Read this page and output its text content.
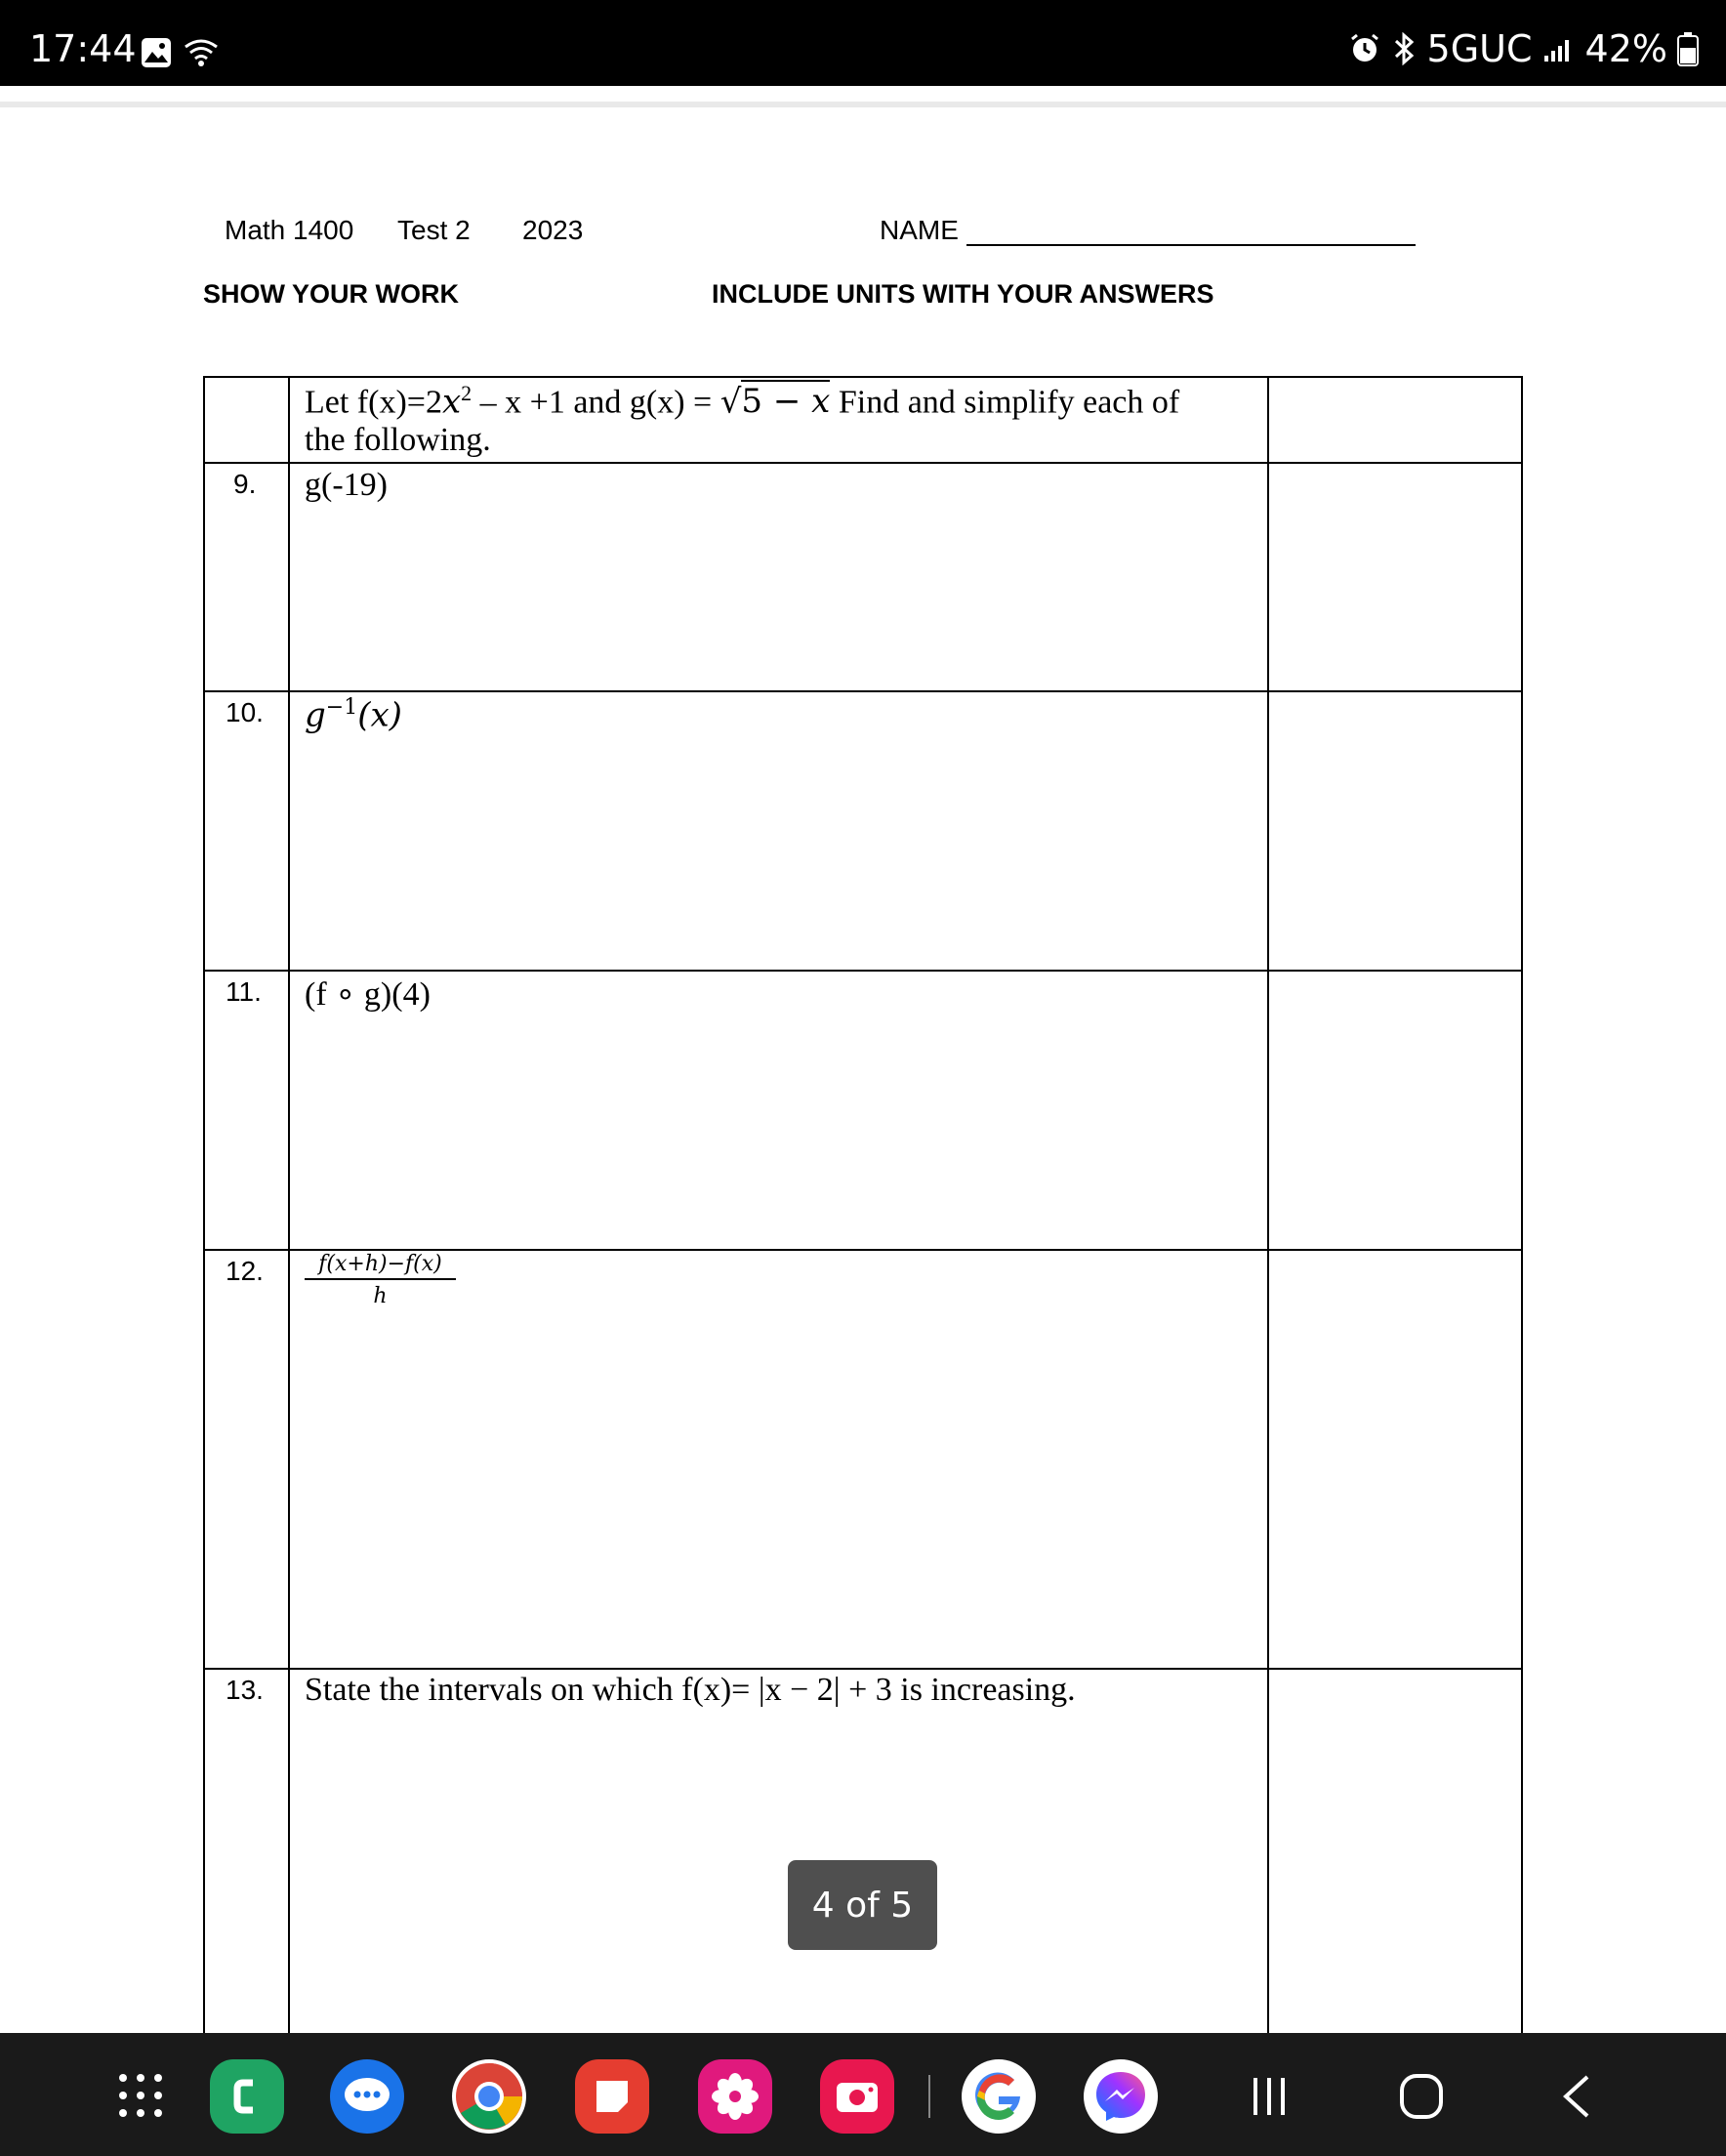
17:44	5GUC 42%
Math 1400 Test 2 2023	NAME
SHOW YOUR WORK	INCLUDE UNITS WITH YOUR ANSWERS
Let $f(x)=2x^2 - x +1$ and g(x) = √5 − x Find and simplify each of
the following.
9. g(-19)
10. $g^{-1}(x)$
11. (f ∘ g)(4)
12. $\frac{f(x+h)-f(x)}{h}$
13. State the intervals on which f(x)= |x − 2| + 3 is increasing.
4 of 5
